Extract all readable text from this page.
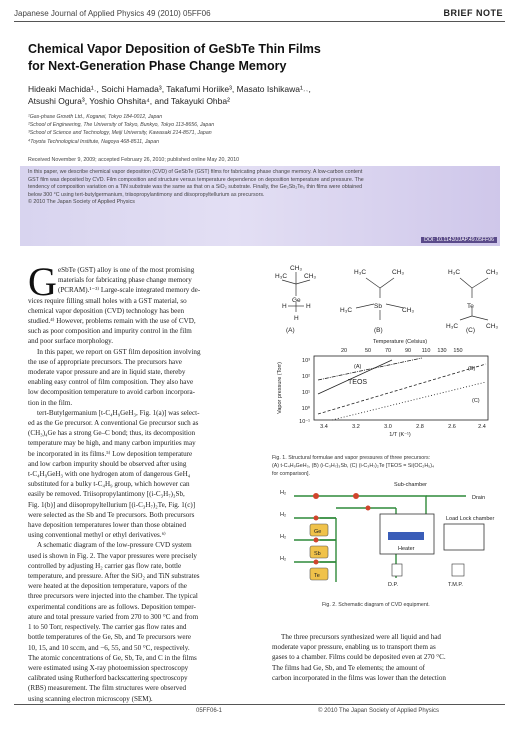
Japanese Journal of Applied Physics 49 (2010) 05FF06	BRIEF NOTE
Chemical Vapor Deposition of GeSbTe Thin Films
for Next-Generation Phase Change Memory
Hideaki Machida¹˒, Soichi Hamada³, Takafumi Horiike³, Masato Ishikawa¹˒˓,
Atsushi Ogura³, Yoshio Ohshita⁴, and Takayuki Ohba²
¹Gas-phase Growth Ltd., Koganei, Tokyo 184-0012, Japan
²School of Engineering, The University of Tokyo, Bunkyo, Tokyo 113-8656, Japan
³School of Science and Technology, Meiji University, Kawasaki 214-8571, Japan
⁴Toyota Technological Institute, Nagoya 468-8511, Japan
Received November 9, 2009; accepted February 26, 2010; published online May 20, 2010
In this paper, we describe chemical vapor deposition (CVD) of GeSbTe (GST) films for fabricating phase change memory. A low-carbon content
GST film was deposited by CVD. Film composition and structure versus temperature dependence on deposition temperature and pressure. The
tendency of composition variation on a TiN substrate was the same as that on a SiO₂ substrate. Finally, the Ge₂Sb₂Te₅ thin films were obtained
below 300 °C using tert-butylgermanium, triisopropylantimony and diisopropyltellurium as precursors.
© 2010 The Japan Society of Applied Physics
DOI: 10.1143/JJAP.49.05FF06
G eSbTe (GST) alloy is one of the most promising
materials for fabricating phase change memory
(PCRAM).¹⁻³⁾ Large-scale integrated memory de-
vices require filling small holes with a GST material, so
chemical vapor deposition (CVD) technology has been
studied.⁴⁾ However, problems remain with the use of CVD,
such as poor composition and impurity control in the film
and poor surface morphology.
In this paper, we report on GST film deposition involving
the use of appropriate precursors. The precursors have
moderate vapor pressure and are in liquid state, thereby
enabling easy control of film composition. They also have
low decomposition temperature to avoid carbon incorpora-
tion in the film.
tert-Butylgermanium [t-C₄H₉GeH₃, Fig. 1(a)] was select-
ed as the Ge precursor. A conventional Ge precursor such as
(CH₃)₄Ge has a strong Ge–C bond; thus, its decomposition
temperature may be high, and many carbon impurities may
be incorporated in its films.⁵⁾ Low deposition temperature
and low carbon impurity should be observed after using
t-C₄H₉GeH₃ with one hydrogen atom of dangerous GeH₄
substituted for a bulky t-C₄H₉ group, which however can
easily be removed. Triisopropylantimony [(i-C₃H₇)₃Sb,
Fig. 1(b)] and diisopropyltellurium [(i-C₃H₇)₂Te, Fig. 1(c)]
were selected as the Sb and Te precursors. Both precursors
have deposition temperatures lower than those obtained
using conventional methyl or ethyl derivatives.⁶⁾
A schematic diagram of the low-pressure CVD system
used is shown in Fig. 2. The vapor pressures were precisely
controlled by adjusting H₂ carrier gas flow rate, bottle
temperature, and pressure. After the SiO₂ and TiN substrates
were heated at the deposition temperature, vapors of the
three precursors were injected into the chamber. The typical
experimental conditions are as follows. Deposition temper-
ature and total pressure varied from 270 to 300 °C and from
1 to 50 Torr, respectively. The carrier gas flow rates and
bottle temperatures of the Ge, Sb, and Te precursors were
10, 15, and 10 sccm, and −6, 55, and 50 °C, respectively.
The atomic concentrations of Ge, Sb, Te, and C in the films
were estimated using X-ray photoemission spectroscopy
calibrated using Rutherford backscattering spectroscopy
(RBS) measurement. The film structures were observed
using scanning electron microscopy (SEM).
Ge
Sb	Te
H₃C	CH₃
CH₃
H
H	H
H₃C	CH₃
H₃C	CH₃
H₃C	CH₃
H₃C	CH₃
(A)	(B)	(C)
Temperature (Celsius)
20	50	70	90 110 130 150
Vapor pressure (Torr)
10³
10²
10¹
10⁰
10⁻¹
3.4	3.2	3.0	2.8	2.6	2.4
1/T (K⁻¹)
(A)	(B)
(C)
TEOS
Fig. 1. Structural formulae and vapor pressures of three precursors:
(A) t-C₄H₉GeH₃, (B) (i-C₃H₇)₃Sb, (C) (i-C₃H₇)₂Te [TEOS = Si(OC₂H₅)₄
for comparison].
Sub-chamber
Drain
H₂
H₂
H₂
H₂
Ge
Sb
Te
Heater
Load Lock chamber
D.P.	T.M.P.
Fig. 2. Schematic diagram of CVD equipment.
The three precursors synthesized were all liquid and had
moderate vapor pressure, enabling us to transport them as
gases to a chamber. Films could be deposited even at 270 °C.
The films had Ge, Sb, and Te elements; the amount of
carbon incorporated in the films was lower than the detection
05FF06-1	© 2010 The Japan Society of Applied Physics
